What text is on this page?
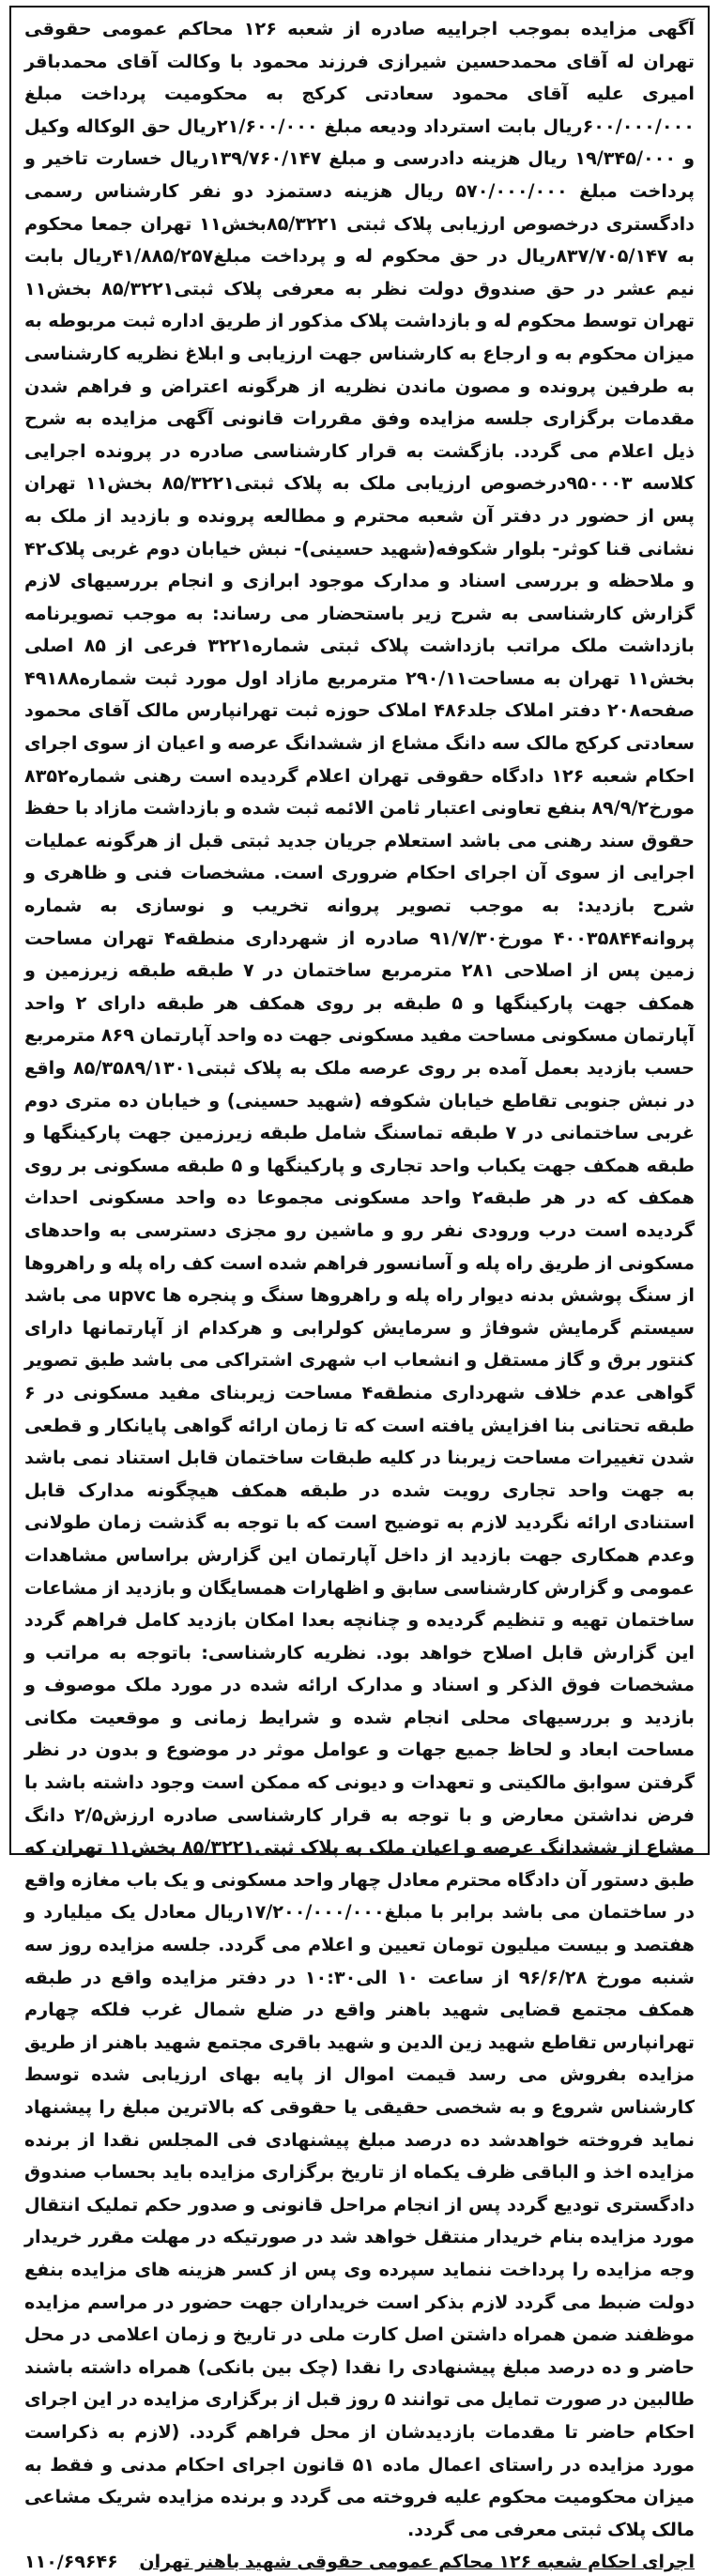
آگهی مزایده بموجب اجراییه صادره از شعبه ۱۲۶ محاکم عمومی حقوقی تهران له آقای محمدحسین شیرازی فرزند محمود با وکالت آقای محمدباقر امیری علیه آقای محمود سعادتی کرکج به محکومیت پرداخت مبلغ ۶۰۰/۰۰۰/۰۰۰ریال بابت استرداد ودیعه مبلغ ۲۱/۶۰۰/۰۰۰ریال حق الوکاله وکیل و ۱۹/۳۴۵/۰۰۰ ریال هزینه دادرسی و مبلغ ۱۳۹/۷۶۰/۱۴۷ریال خسارت تاخیر و پرداخت مبلغ ۵۷۰/۰۰۰/۰۰۰ ریال هزینه دستمزد دو نفر کارشناس رسمی دادگستری درخصوص ارزیابی پلاک ثبتی ۸۵/۳۲۲۱بخش۱۱ تهران جمعا محکوم به ۸۳۷/۷۰۵/۱۴۷ریال در حق محکوم له و پرداخت مبلغ۴۱/۸۸۵/۲۵۷ریال بابت نیم عشر در حق صندوق دولت نظر به معرفی پلاک ثبتی۸۵/۳۲۲۱ بخش۱۱ تهران توسط محکوم له و بازداشت پلاک مذکور از طریق اداره ثبت مربوطه به میزان محکوم به و ارجاع به کارشناس جهت ارزیابی و ابلاغ نظریه کارشناسی به طرفین پرونده و مصون ماندن نظریه از هرگونه اعتراض و فراهم شدن مقدمات برگزاری جلسه مزایده وفق مقررات قانونی آگهی مزایده به شرح ذیل اعلام می گردد. بازگشت به قرار کارشناسی صادره در پرونده اجرایی کلاسه ۹۵۰۰۰۳درخصوص ارزیابی ملک به پلاک ثبتی۸۵/۳۲۲۱ بخش۱۱ تهران پس از حضور در دفتر آن شعبه محترم و مطالعه پرونده و بازدید از ملک به نشانی قنا کوثر- بلوار شکوفه(شهید حسینی)- نبش خیابان دوم غربی پلاک۴۲ و ملاحظه و بررسی اسناد و مدارک موجود ابرازی و انجام بررسیهای لازم گزارش کارشناسی به شرح زیر باستحضار می رساند: به موجب تصویرنامه بازداشت ملک مراتب بازداشت پلاک ثبتی شماره۳۲۲۱ فرعی از ۸۵ اصلی بخش۱۱ تهران به مساحت۲۹۰/۱۱ مترمربع مازاد اول مورد ثبت شماره۴۹۱۸۸ صفحه۲۰۸ دفتر املاک جلد۴۸۶ املاک حوزه ثبت تهرانپارس مالک آقای محمود سعادتی کرکج مالک سه دانگ مشاع از ششدانگ عرصه و اعیان از سوی اجرای احکام شعبه ۱۲۶ دادگاه حقوقی تهران اعلام گردیده است رهنی شماره۸۳۵۲ مورخ۸۹/۹/۲ بنفع تعاونی اعتبار ثامن الائمه ثبت شده و بازداشت مازاد با حفظ حقوق سند رهنی می باشد استعلام جریان جدید ثبتی قبل از هرگونه عملیات اجرایی از سوی آن اجرای احکام ضروری است. مشخصات فنی و ظاهری و شرح بازدید: به موجب تصویر پروانه تخریب و نوسازی به شماره پروانه۴۰۰۳۵۸۴۴ مورخ۹۱/۷/۳۰ صادره از شهرداری منطقه۴ تهران مساحت زمین پس از اصلاحی ۲۸۱ مترمربع ساختمان در ۷ طبقه طبقه زیرزمین و همکف جهت پارکینگها و ۵ طبقه بر روی همکف هر طبقه دارای ۲ واحد آپارتمان مسکونی مساحت مفید مسکونی جهت ده واحد آپارتمان ۸۶۹ مترمربع حسب بازدید بعمل آمده بر روی عرصه ملک به پلاک ثبتی۸۵/۳۵۸۹/۱۳۰۱ واقع در نبش جنوبی تقاطع خیابان شکوفه (شهید حسینی) و خیابان ده متری دوم غربی ساختمانی در ۷ طبقه تماسنگ شامل طبقه زیرزمین جهت پارکینگها و طبقه همکف جهت یکباب واحد تجاری و پارکینگها و ۵ طبقه مسکونی بر روی همکف که در هر طبقه۲ واحد مسکونی مجموعا ده واحد مسکونی احداث گردیده است درب ورودی نفر رو و ماشین رو مجزی دسترسی به واحدهای مسکونی از طریق راه پله و آسانسور فراهم شده است کف راه پله و راهروها از سنگ پوشش بدنه دیوار راه پله و راهروها سنگ و پنجره ها upvc می باشد سیستم گرمایش شوفاژ و سرمایش کولرابی و هرکدام از آپارتمانها دارای کنتور برق و گاز مستقل و انشعاب اب شهری اشتراکی می باشد طبق تصویر گواهی عدم خلاف شهرداری منطقه۴ مساحت زیربنای مفید مسکونی در ۶ طبقه تحتانی بنا افزایش یافته است که تا زمان ارائه گواهی پایانکار و قطعی شدن تغییرات مساحت زیربنا در کلیه طبقات ساختمان قابل استناد نمی باشد به جهت واحد تجاری رویت شده در طبقه همکف هیچگونه مدارک قابل استنادی ارائه نگردید لازم به توضیح است که با توجه به گذشت زمان طولانی وعدم همکاری جهت بازدید از داخل آپارتمان این گزارش براساس مشاهدات عمومی و گزارش کارشناسی سابق و اظهارات همسایگان و بازدید از مشاعات ساختمان تهیه و تنظیم گردیده و چنانچه بعدا امکان بازدید کامل فراهم گردد این گزارش قابل اصلاح خواهد بود. نظریه کارشناسی: باتوجه به مراتب و مشخصات فوق الذکر و اسناد و مدارک ارائه شده در مورد ملک موصوف و بازدید و بررسیهای محلی انجام شده و شرایط زمانی و موقعیت مکانی مساحت ابعاد و لحاظ جمیع جهات و عوامل موثر در موضوع و بدون در نظر گرفتن سوابق مالکیتی و تعهدات و دیونی که ممکن است وجود داشته باشد با فرض نداشتن معارض و با توجه به قرار کارشناسی صادره ارزش۲/۵ دانگ مشاع از ششدانگ عرصه و اعیان ملک به پلاک ثبتی۸۵/۳۲۲۱ بخش۱۱ تهران که طبق دستور آن دادگاه محترم معادل چهار واحد مسکونی و یک باب مغازه واقع در ساختمان می باشد برابر با مبلغ۱۷/۲۰۰/۰۰۰/۰۰۰ریال معادل یک میلیارد و هفتصد و بیست میلیون تومان تعیین و اعلام می گردد. جلسه مزایده روز سه شنبه مورخ ۹۶/۶/۲۸ از ساعت ۱۰ الی۱۰:۳۰ در دفتر مزایده واقع در طبقه همکف مجتمع قضایی شهید باهنر واقع در ضلع شمال غرب فلکه چهارم تهرانپارس تقاطع شهید زین الدین و شهید باقری مجتمع شهید باهنر از طریق مزایده بفروش می رسد قیمت اموال از پایه بهای ارزیابی شده توسط کارشناس شروع و به شخصی حقیقی یا حقوقی که بالاترین مبلغ را پیشنهاد نماید فروخته خواهدشد ده درصد مبلغ پیشنهادی فی المجلس نقدا از برنده مزایده اخذ و الباقی ظرف یکماه از تاریخ برگزاری مزایده باید بحساب صندوق دادگستری تودیع گردد پس از انجام مراحل قانونی و صدور حکم تملیک انتقال مورد مزایده بنام خریدار منتقل خواهد شد در صورتیکه در مهلت مقرر خریدار وجه مزایده را پرداخت ننماید سپرده وی پس از کسر هزینه های مزایده بنفع دولت ضبط می گردد لازم بذکر است خریداران جهت حضور در مراسم مزایده موظفند ضمن همراه داشتن اصل کارت ملی در تاریخ و زمان اعلامی در محل حاضر و ده درصد مبلغ پیشنهادی را نقدا (چک بین بانکی) همراه داشته باشند طالبین در صورت تمایل می توانند ۵ روز قبل از برگزاری مزایده در این اجرای احکام حاضر تا مقدمات بازدیدشان از محل فراهم گردد. (لازم به ذکراست مورد مزایده در راستای اعمال ماده ۵۱ قانون اجرای احکام مدنی و فقط به میزان محکومیت محکوم علیه فروخته می گردد و برنده مزایده شریک مشاعی مالک پلاک ثبتی معرفی می گردد.

اجرای احکام شعبه ۱۲۶ محاکم عمومی حقوقی شهید باهنر تهران
۱۱۰/۶۹۶۴۶
